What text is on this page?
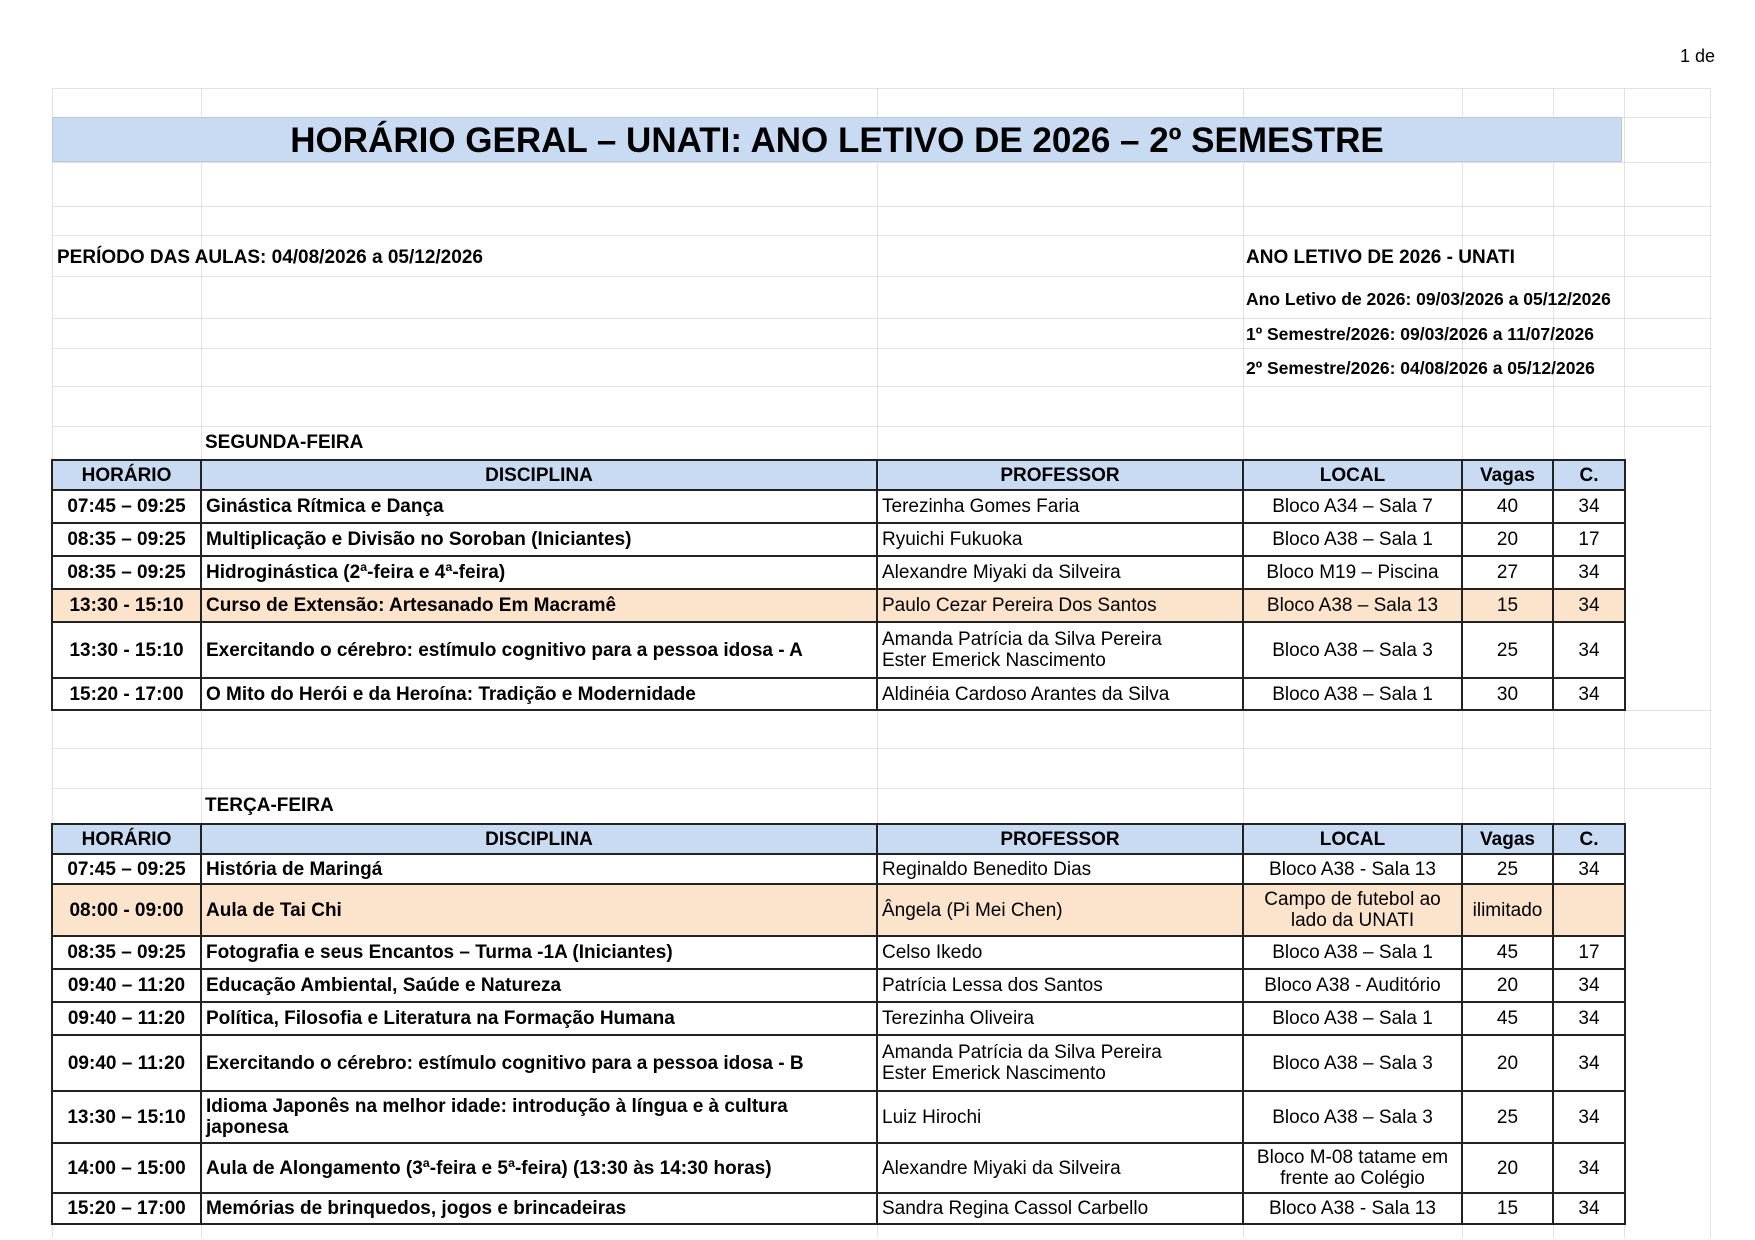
1 de
HORÁRIO GERAL – UNATI: ANO LETIVO DE 2026 – 2º SEMESTRE
PERÍODO DAS AULAS: 04/08/2026 a 05/12/2026	ANO LETIVO DE 2026 - UNATI
Ano Letivo de 2026: 09/03/2026 a 05/12/2026
1º Semestre/2026: 09/03/2026 a 11/07/2026
2º Semestre/2026: 04/08/2026 a 05/12/2026
SEGUNDA-FEIRA
HORÁRIO	DISCIPLINA	PROFESSOR	LOCAL	Vagas	C.
07:45 – 09:25	Ginástica Rítmica e Dança	Terezinha Gomes Faria	Bloco A34 – Sala 7	40	34
08:35 – 09:25	Multiplicação e Divisão no Soroban (Iniciantes)	Ryuichi Fukuoka	Bloco A38 – Sala 1	20	17
08:35 – 09:25	Hidroginástica (2ª-feira e 4ª-feira)	Alexandre Miyaki da Silveira	Bloco M19 – Piscina	27	34
13:30 - 15:10	Curso de Extensão: Artesanado Em Macramê	Paulo Cezar Pereira Dos Santos	Bloco A38 – Sala 13	15	34
13:30 - 15:10	Exercitando o cérebro: estímulo cognitivo para a pessoa idosa - A	Amanda Patrícia da Silva Pereira
Ester Emerick Nascimento	Bloco A38 – Sala 3	25	34
15:20 - 17:00	O Mito do Herói e da Heroína: Tradição e Modernidade	Aldinéia Cardoso Arantes da Silva	Bloco A38 – Sala 1	30	34
TERÇA-FEIRA
HORÁRIO	DISCIPLINA	PROFESSOR	LOCAL	Vagas	C.
07:45 – 09:25	História de Maringá	Reginaldo Benedito Dias	Bloco A38 - Sala 13	25	34
08:00 - 09:00	Aula de Tai Chi	Ângela (Pi Mei Chen)	Campo de futebol ao lado da UNATI	ilimitado	
08:35 – 09:25	Fotografia e seus Encantos – Turma -1A (Iniciantes)	Celso Ikedo	Bloco A38 – Sala 1	45	17
09:40 – 11:20	Educação Ambiental, Saúde e Natureza	Patrícia Lessa dos Santos	Bloco A38 - Auditório	20	34
09:40 – 11:20	Política, Filosofia e Literatura na Formação Humana	Terezinha Oliveira	Bloco A38 – Sala 1	45	34
09:40 – 11:20	Exercitando o cérebro: estímulo cognitivo para a pessoa idosa - B	Amanda Patrícia da Silva Pereira
Ester Emerick Nascimento	Bloco A38 – Sala 3	20	34
13:30 – 15:10	Idioma Japonês na melhor idade: introdução à língua e à cultura japonesa	Luiz Hirochi	Bloco A38 – Sala 3	25	34
14:00 – 15:00	Aula de Alongamento (3ª-feira e 5ª-feira) (13:30 às 14:30 horas)	Alexandre Miyaki da Silveira	Bloco M-08 tatame em frente ao Colégio	20	34
15:20 – 17:00	Memórias de brinquedos, jogos e brincadeiras	Sandra Regina Cassol Carbello	Bloco A38 - Sala 13	15	34
